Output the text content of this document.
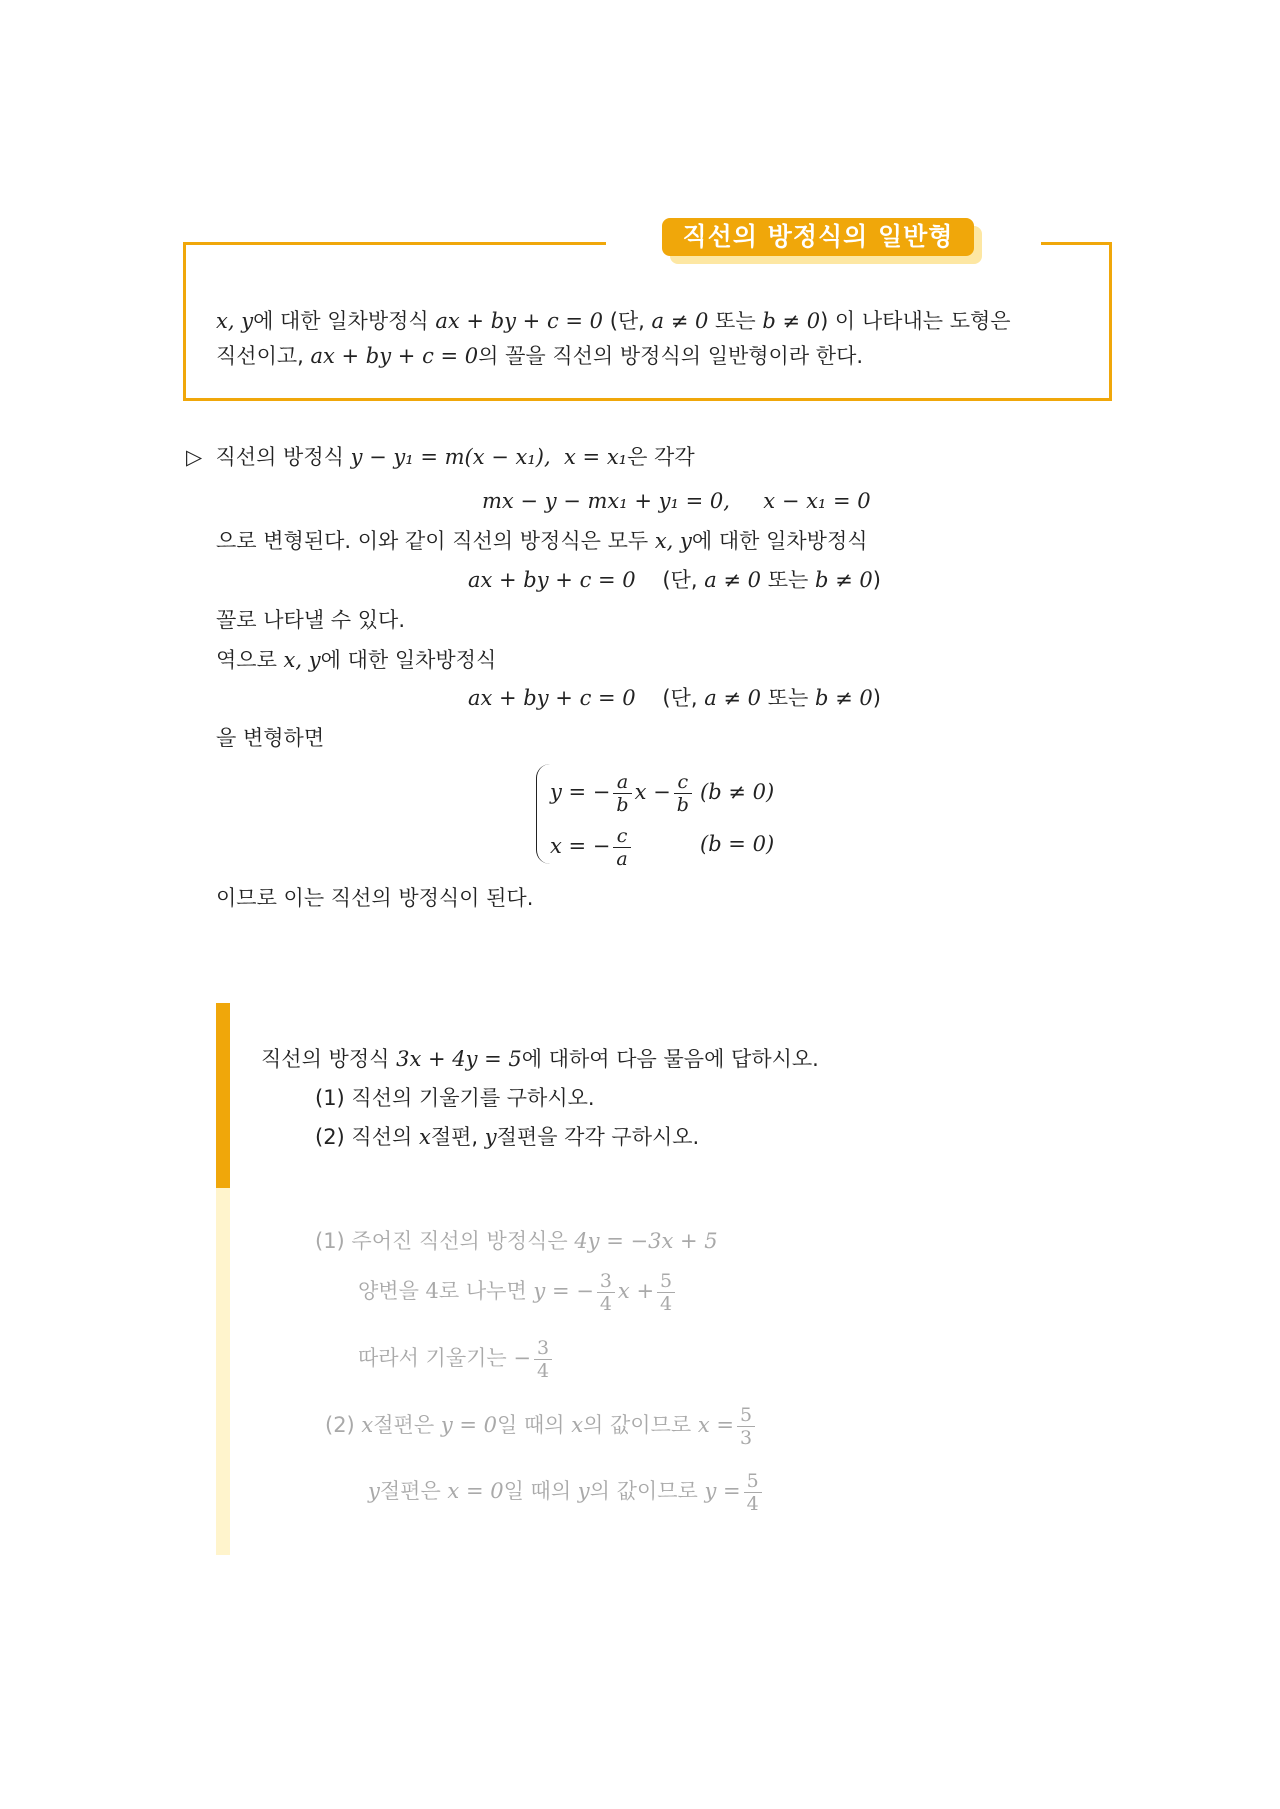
직선의 방정식의 일반형
x, y에 대한 일차방정식 ax + by + c = 0 (단, a ≠ 0 또는 b ≠ 0) 이 나타내는 도형은
직선이고, ax + by + c = 0의 꼴을 직선의 방정식의 일반형이라 한다.
▷ 직선의 방정식 y − y₁ = m(x − x₁), x = x₁은 각각
mx − y − mx₁ + y₁ = 0, x − x₁ = 0
으로 변형된다. 이와 같이 직선의 방정식은 모두 x, y에 대한 일차방정식
ax + by + c = 0 (단, a ≠ 0 또는 b ≠ 0)
꼴로 나타낼 수 있다.
역으로 x, y에 대한 일차방정식
ax + by + c = 0 (단, a ≠ 0 또는 b ≠ 0)
을 변형하면
y = − $\frac{a}{b}$ $x - \frac{c}{b} (b \ne 0)$
x = − $\frac{c}{a}$	(b = 0)
이므로 이는 직선의 방정식이 된다.
직선의 방정식 3x + 4y = 5에 대하여 다음 물음에 답하시오.
(1) 직선의 기울기를 구하시오.
(2) 직선의 x절편, y절편을 각각 구하시오.
(1) 주어진 직선의 방정식은 4y = −3x + 5
양변을 4로 나누면 y = − $\frac{3}{4}$ $x + \frac{5}{4}$
따라서 기울기는 − $\frac{3}{4}$
(2) x절편은 y = 0일 때의 x의 값이므로 $x = \frac{5}{3}$
y절편은 x = 0일 때의 y의 값이므로 $y = \frac{5}{4}$
